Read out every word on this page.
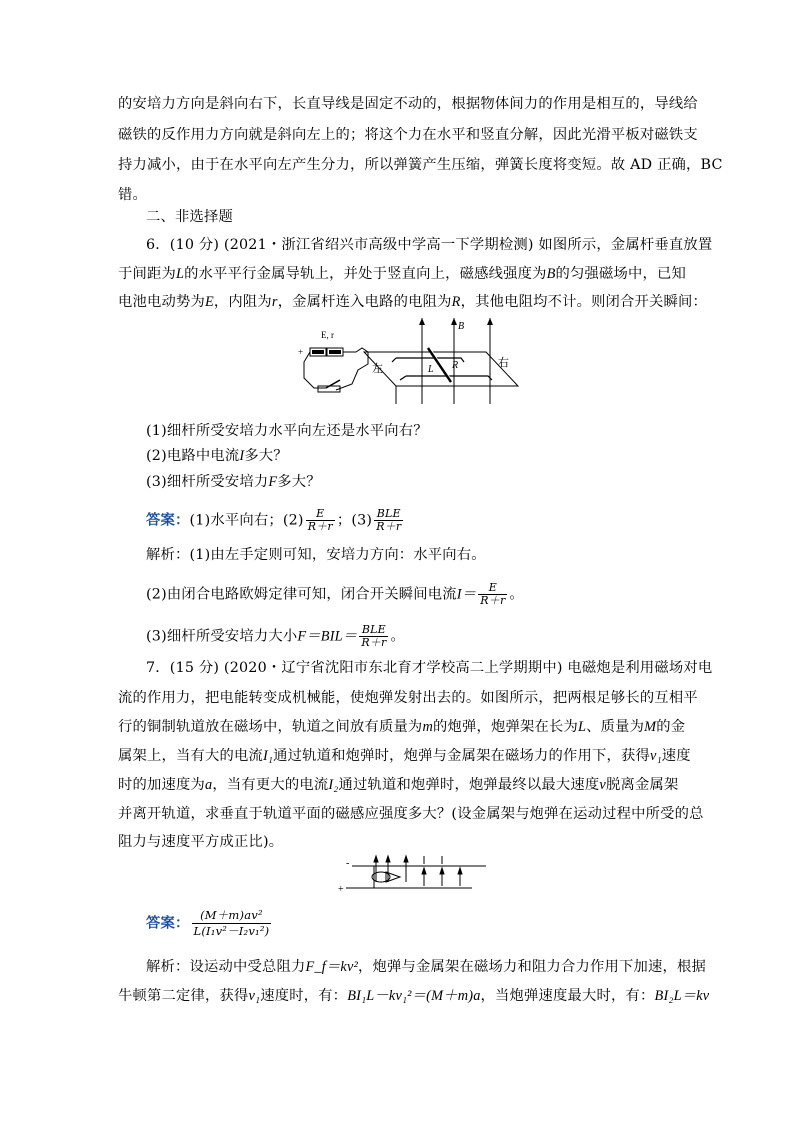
的安培力方向是斜向右下，长直导线是固定不动的，根据物体间力的作用是相互的，导线给
磁铁的反作用力方向就是斜向左上的；将这个力在水平和竖直分解，因此光滑平板对磁铁支
持力减小，由于在水平向左产生分力，所以弹簧产生压缩，弹簧长度将变短。故 AD 正确，BC
错。
二、非选择题
6．(10 分) (2021・浙江省绍兴市高级中学高一下学期检测) 如图所示，金属杆垂直放置
于间距为L的水平平行金属导轨上，并处于竖直向上，磁感线强度为B的匀强磁场中，已知
电池电动势为E，内阻为r，金属杆连入电路的电阻为R，其他电阻均不计。则闭合开关瞬间：
E, r
+
B
R
L
左	右
(1)细杆所受安培力水平向左还是水平向右？
(2)电路中电流I多大？
(3)细杆所受安培力F多大？
答案：(1)水平向右；$(2) \frac{E}{R+r}$ ；$(3) \frac{\text{BLE}}{R+r}$
解析：(1)由左手定则可知，安培力方向：水平向右。
(2)由闭合电路欧姆定律可知，闭合开关瞬间电流$I= \frac{E}{R+r}$ 。
(3)细杆所受安培力大小$F=BIL= \frac{\text{BLE}}{R+r}$ 。
7．(15 分) (2020・辽宁省沈阳市东北育才学校高二上学期期中) 电磁炮是利用磁场对电
流的作用力，把电能转变成机械能，使炮弹发射出去的。如图所示，把两根足够长的互相平
行的铜制轨道放在磁场中，轨道之间放有质量为m的炮弹，炮弹架在长为L、质量为M的金
属架上，当有大的电流I₁通过轨道和炮弹时，炮弹与金属架在磁场力的作用下，获得v₁速度
时的加速度为a，当有更大的电流I₂通过轨道和炮弹时，炮弹最终以最大速度v脱离金属架
并离开轨道，求垂直于轨道平面的磁感应强度多大？(设金属架与炮弹在运动过程中所受的总
阻力与速度平方成正比)。
-
+
答案： $\frac{\text{(M＋m)av²}}{\text{L(I₁v²－I₂v₁²)}}$
解析：设运动中受总阻力F_f＝kv²，炮弹与金属架在磁场力和阻力合力作用下加速，根据
牛顿第二定律，获得v₁速度时，有：BI₁L－kv₁²＝(M＋m)a，当炮弹速度最大时，有：BI₂L＝kv
